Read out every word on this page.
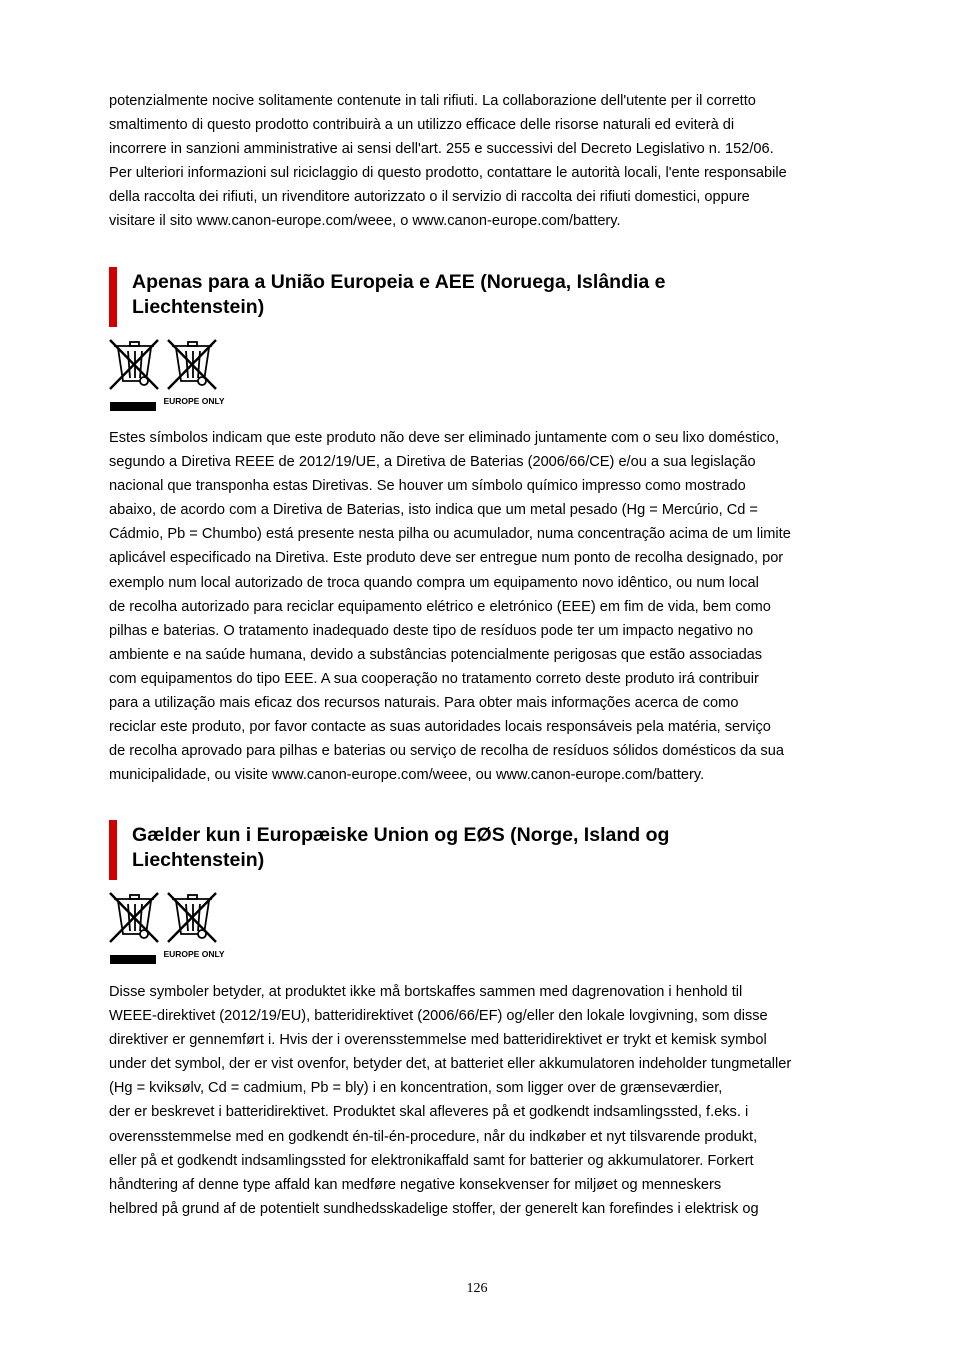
potenzialmente nocive solitamente contenute in tali rifiuti. La collaborazione dell'utente per il corretto
smaltimento di questo prodotto contribuirà a un utilizzo efficace delle risorse naturali ed eviterà di
incorrere in sanzioni amministrative ai sensi dell'art. 255 e successivi del Decreto Legislativo n. 152/06.
Per ulteriori informazioni sul riciclaggio di questo prodotto, contattare le autorità locali, l'ente responsabile
della raccolta dei rifiuti, un rivenditore autorizzato o il servizio di raccolta dei rifiuti domestici, oppure
visitare il sito www.canon-europe.com/weee, o www.canon-europe.com/battery.

Apenas para a União Europeia e AEE (Noruega, Islândia e
Liechtenstein)
EUROPE ONLY

Estes símbolos indicam que este produto não deve ser eliminado juntamente com o seu lixo doméstico,
segundo a Diretiva REEE de 2012/19/UE, a Diretiva de Baterias (2006/66/CE) e/ou a sua legislação
nacional que transponha estas Diretivas. Se houver um símbolo químico impresso como mostrado
abaixo, de acordo com a Diretiva de Baterias, isto indica que um metal pesado (Hg = Mercúrio, Cd =
Cádmio, Pb = Chumbo) está presente nesta pilha ou acumulador, numa concentração acima de um limite
aplicável especificado na Diretiva. Este produto deve ser entregue num ponto de recolha designado, por
exemplo num local autorizado de troca quando compra um equipamento novo idêntico, ou num local
de recolha autorizado para reciclar equipamento elétrico e eletrónico (EEE) em fim de vida, bem como
pilhas e baterias. O tratamento inadequado deste tipo de resíduos pode ter um impacto negativo no
ambiente e na saúde humana, devido a substâncias potencialmente perigosas que estão associadas
com equipamentos do tipo EEE. A sua cooperação no tratamento correto deste produto irá contribuir
para a utilização mais eficaz dos recursos naturais. Para obter mais informações acerca de como
reciclar este produto, por favor contacte as suas autoridades locais responsáveis pela matéria, serviço
de recolha aprovado para pilhas e baterias ou serviço de recolha de resíduos sólidos domésticos da sua
municipalidade, ou visite www.canon-europe.com/weee, ou www.canon-europe.com/battery.

Gælder kun i Europæiske Union og EØS (Norge, Island og
Liechtenstein)
EUROPE ONLY

Disse symboler betyder, at produktet ikke må bortskaffes sammen med dagrenovation i henhold til
WEEE-direktivet (2012/19/EU), batteridirektivet (2006/66/EF) og/eller den lokale lovgivning, som disse
direktiver er gennemført i. Hvis der i overensstemmelse med batteridirektivet er trykt et kemisk symbol
under det symbol, der er vist ovenfor, betyder det, at batteriet eller akkumulatoren indeholder tungmetaller
(Hg = kviksølv, Cd = cadmium, Pb = bly) i en koncentration, som ligger over de grænseværdier,
der er beskrevet i batteridirektivet. Produktet skal afleveres på et godkendt indsamlingssted, f.eks. i
overensstemmelse med en godkendt én-til-én-procedure, når du indkøber et nyt tilsvarende produkt,
eller på et godkendt indsamlingssted for elektronikaffald samt for batterier og akkumulatorer. Forkert
håndtering af denne type affald kan medføre negative konsekvenser for miljøet og menneskers
helbred på grund af de potentielt sundhedsskadelige stoffer, der generelt kan forefindes i elektrisk og

126
